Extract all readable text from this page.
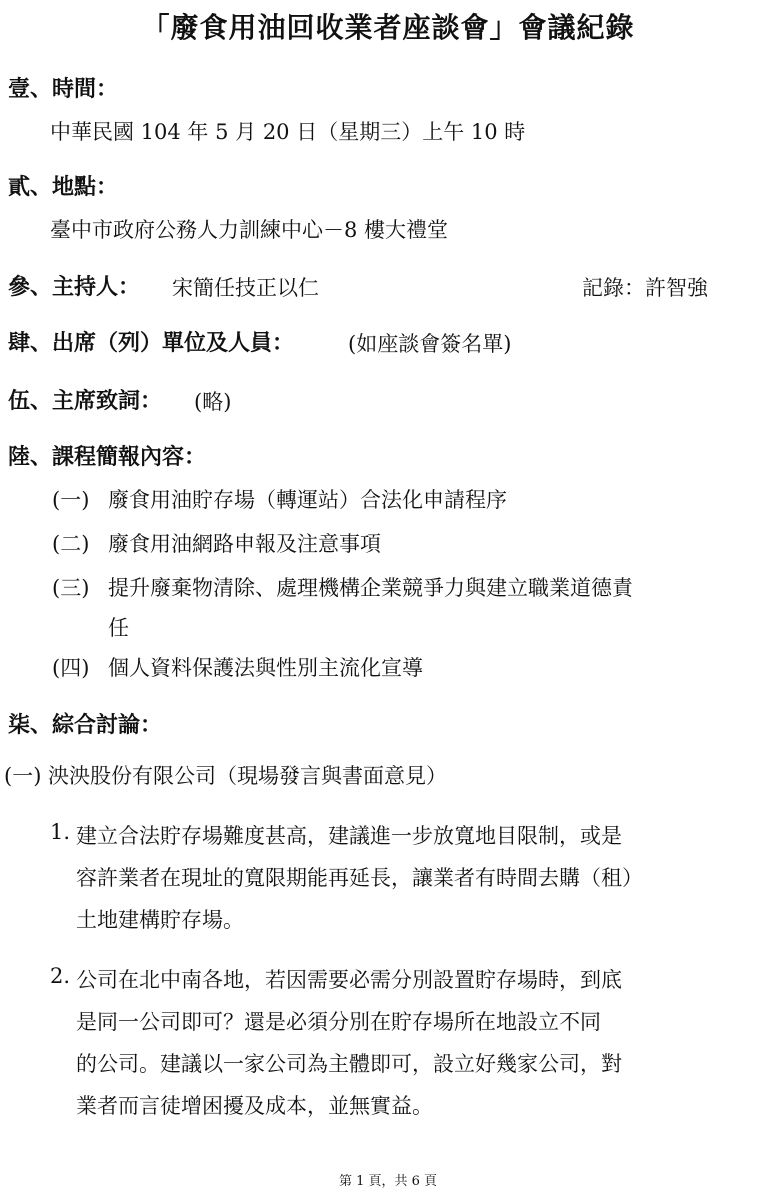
「廢食用油回收業者座談會」會議紀錄
壹、時間：
中華民國 104 年 5 月 20 日（星期三）上午 10 時
貳、地點：
臺中市政府公務人力訓練中心－8 樓大禮堂
參、主持人： 宋簡任技正以仁	記錄：許智強
肆、出席（列）單位及人員：	(如座談會簽名單)
伍、主席致詞： (略)
陸、課程簡報內容：
(一) 廢食用油貯存場（轉運站）合法化申請程序
(二) 廢食用油網路申報及注意事項
(三) 提升廢棄物清除、處理機構企業競爭力與建立職業道德責
任
(四) 個人資料保護法與性別主流化宣導
柒、綜合討論：
(一) 泱泱股份有限公司（現場發言與書面意見）
1. 建立合法貯存場難度甚高，建議進一步放寬地目限制，或是
容許業者在現址的寬限期能再延長，讓業者有時間去購（租）
土地建構貯存場。
2. 公司在北中南各地，若因需要必需分別設置貯存場時，到底
是同一公司即可？還是必須分別在貯存場所在地設立不同
的公司。建議以一家公司為主體即可，設立好幾家公司，對
業者而言徒增困擾及成本，並無實益。
第 1 頁，共 6 頁
